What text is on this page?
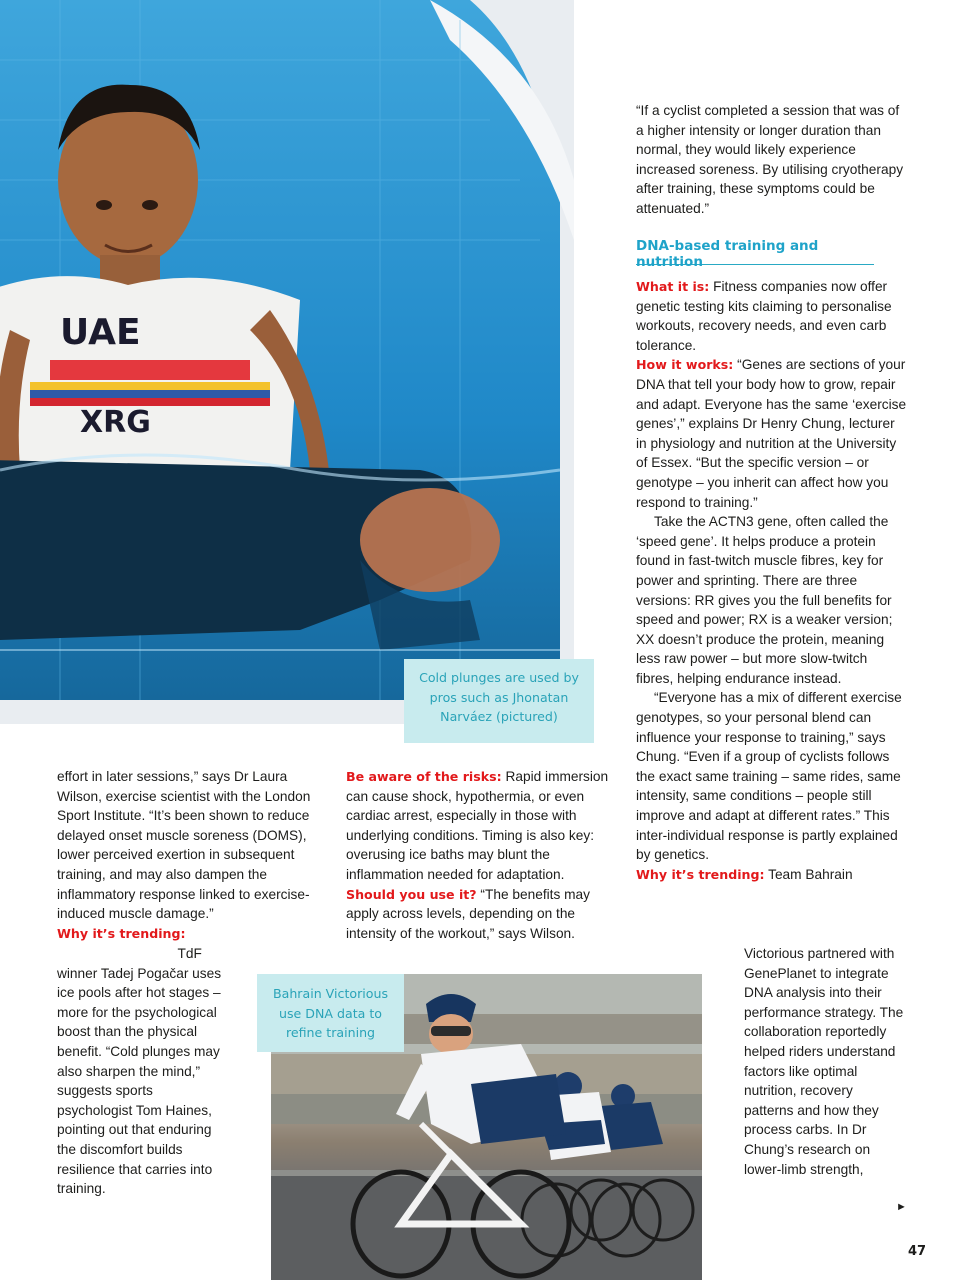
UAE
XRG
Cold plunges are used by pros such as Jhonatan Narváez (pictured)
“If a cyclist completed a session that was of a higher intensity or longer duration than normal, they would likely experience increased soreness. By utilising cryotherapy after training, these symptoms could be attenuated.”
DNA-based training and nutrition
What it is: Fitness companies now offer genetic testing kits claiming to personalise workouts, recovery needs, and even carb tolerance.
How it works: “Genes are sections of your DNA that tell your body how to grow, repair and adapt. Everyone has the same ‘exercise genes’,” explains Dr Henry Chung, lecturer in physiology and nutrition at the University of Essex. “But the specific version – or genotype – you inherit can affect how you respond to training.”
Take the ACTN3 gene, often called the ‘speed gene’. It helps produce a protein found in fast-twitch muscle fibres, key for power and sprinting. There are three versions: RR gives you the full benefits for speed and power; RX is a weaker version; XX doesn’t produce the protein, meaning less raw power – but more slow-twitch fibres, helping endurance instead.
“Everyone has a mix of different exercise genotypes, so your personal blend can influence your response to training,” says Chung. “Even if a group of cyclists follows the exact same training – same rides, same intensity, same conditions – people still improve and adapt at different rates.” This inter-individual response is partly explained by genetics.
Why it’s trending: Team Bahrain
Victorious partnered with GenePlanet to integrate DNA analysis into their performance strategy. The collaboration reportedly helped riders understand factors like optimal nutrition, recovery patterns and how they process carbs. In Dr Chung’s research on lower-limb strength,
►
effort in later sessions,” says Dr Laura Wilson, exercise scientist with the London Sport Institute. “It’s been shown to reduce delayed onset muscle soreness (DOMS), lower perceived exertion in subsequent training, and may also dampen the inflammatory response linked to exercise-induced muscle damage.”
Why it’s trending:
TdF winner Tadej Pogačar uses ice pools after hot stages – more for the psychological boost than the physical benefit. “Cold plunges may also sharpen the mind,” suggests sports psychologist Tom Haines, pointing out that enduring the discomfort builds resilience that carries into training.
Be aware of the risks: Rapid immersion can cause shock, hypothermia, or even cardiac arrest, especially in those with underlying conditions. Timing is also key: overusing ice baths may blunt the inflammation needed for adaptation.
Should you use it? “The benefits may apply across levels, depending on the intensity of the workout,” says Wilson.
Bahrain Victorious use DNA data to refine training
47
